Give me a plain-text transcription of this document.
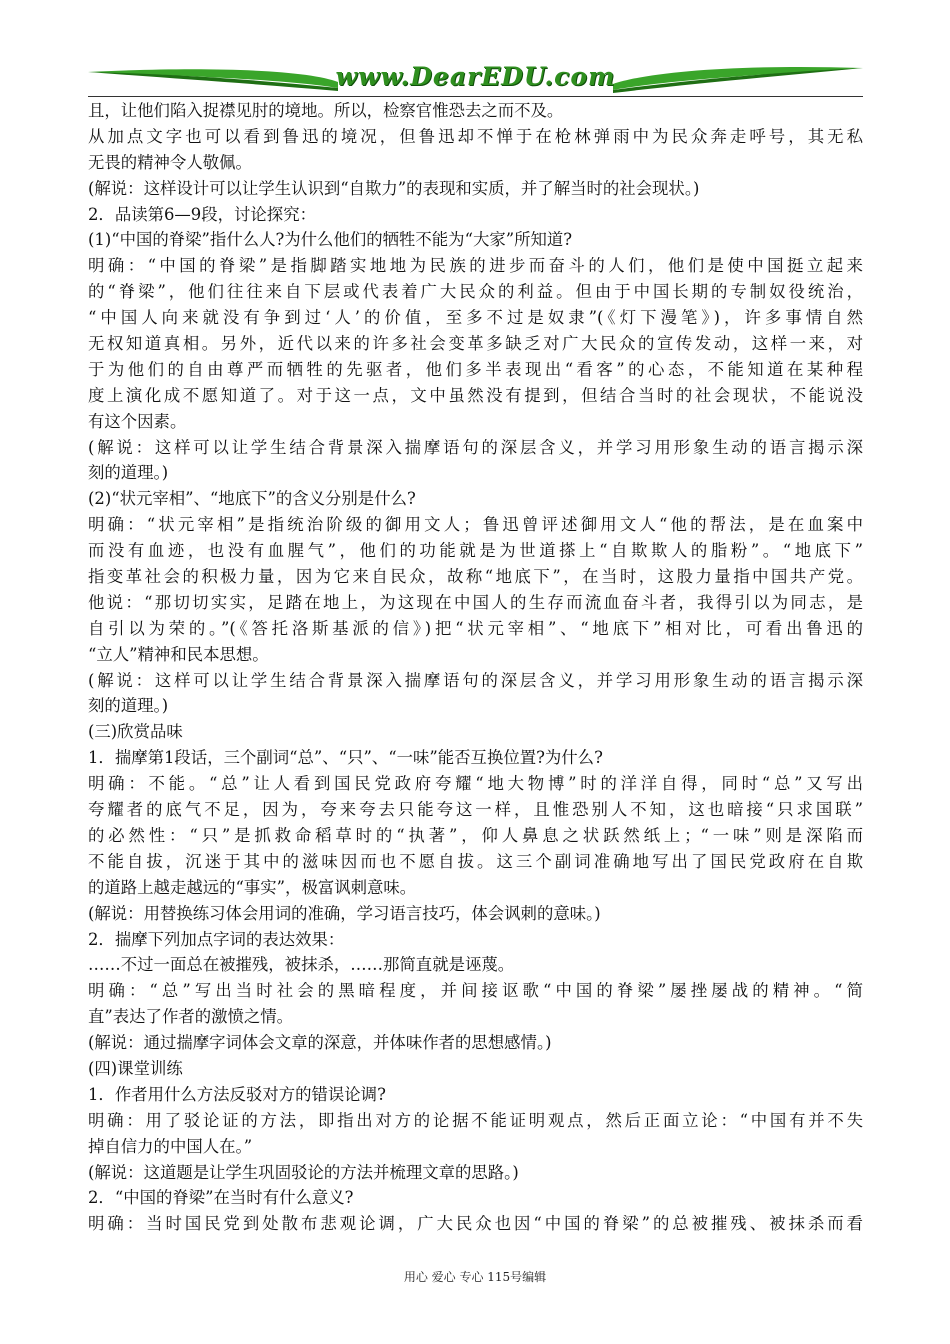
www.DearEDU.com
且，让他们陷入捉襟见肘的境地。所以，检察官惟恐去之而不及。
从加点文字也可以看到鲁迅的境况，但鲁迅却不惮于在枪林弹雨中为民众奔走呼号，其无私
无畏的精神令人敬佩。
(解说：这样设计可以让学生认识到“自欺力”的表现和实质，并了解当时的社会现状。)
2．品读第6—9段，讨论探究：
(1)“中国的脊梁”指什么人?为什么他们的牺牲不能为“大家”所知道?
明确：“中国的脊梁”是指脚踏实地地为民族的进步而奋斗的人们，他们是使中国挺立起来
的“脊梁”，他们往往来自下层或代表着广大民众的利益。但由于中国长期的专制奴役统治，
“中国人向来就没有争到过‘人’的价值，至多不过是奴隶”(《灯下漫笔》)，许多事情自然
无权知道真相。另外，近代以来的许多社会变革多缺乏对广大民众的宣传发动，这样一来，对
于为他们的自由尊严而牺牲的先驱者，他们多半表现出“看客”的心态，不能知道在某种程
度上演化成不愿知道了。对于这一点，文中虽然没有提到，但结合当时的社会现状，不能说没
有这个因素。
(解说：这样可以让学生结合背景深入揣摩语句的深层含义，并学习用形象生动的语言揭示深
刻的道理。)
(2)“状元宰相”、“地底下”的含义分别是什么?
明确：“状元宰相”是指统治阶级的御用文人；鲁迅曾评述御用文人“他的帮法，是在血案中
而没有血迹，也没有血腥气”，他们的功能就是为世道搽上“自欺欺人的脂粉”。“地底下”
指变革社会的积极力量，因为它来自民众，故称“地底下”，在当时，这股力量指中国共产党。
他说：“那切切实实，足踏在地上，为这现在中国人的生存而流血奋斗者，我得引以为同志，是
自引以为荣的。”(《答托洛斯基派的信》)把“状元宰相”、“地底下”相对比，可看出鲁迅的
“立人”精神和民本思想。
(解说：这样可以让学生结合背景深入揣摩语句的深层含义，并学习用形象生动的语言揭示深
刻的道理。)
(三)欣赏品味
1．揣摩第1段话，三个副词“总”、“只”、“一味”能否互换位置?为什么?
明确：不能。“总”让人看到国民党政府夸耀“地大物博”时的洋洋自得，同时“总”又写出
夸耀者的底气不足，因为，夸来夸去只能夸这一样，且惟恐别人不知，这也暗接“只求国联”
的必然性：“只”是抓救命稻草时的“执著”，仰人鼻息之状跃然纸上；“一味”则是深陷而
不能自拔，沉迷于其中的滋味因而也不愿自拔。这三个副词准确地写出了国民党政府在自欺
的道路上越走越远的“事实”，极富讽刺意味。
(解说：用替换练习体会用词的准确，学习语言技巧，体会讽刺的意味。)
2．揣摩下列加点字词的表达效果：
……不过一面总在被摧残，被抹杀，……那简直就是诬蔑。
明确：“总”写出当时社会的黑暗程度，并间接讴歌“中国的脊梁”屡挫屡战的精神。“简
直”表达了作者的激愤之情。
(解说：通过揣摩字词体会文章的深意，并体味作者的思想感情。)
(四)课堂训练
1．作者用什么方法反驳对方的错误论调?
明确：用了驳论证的方法，即指出对方的论据不能证明观点，然后正面立论：“中国有并不失
掉自信力的中国人在。”
(解说：这道题是让学生巩固驳论的方法并梳理文章的思路。)
2．“中国的脊梁”在当时有什么意义?
明确：当时国民党到处散布悲观论调，广大民众也因“中国的脊梁”的总被摧残、被抹杀而看
用心 爱心 专心 115号编辑
